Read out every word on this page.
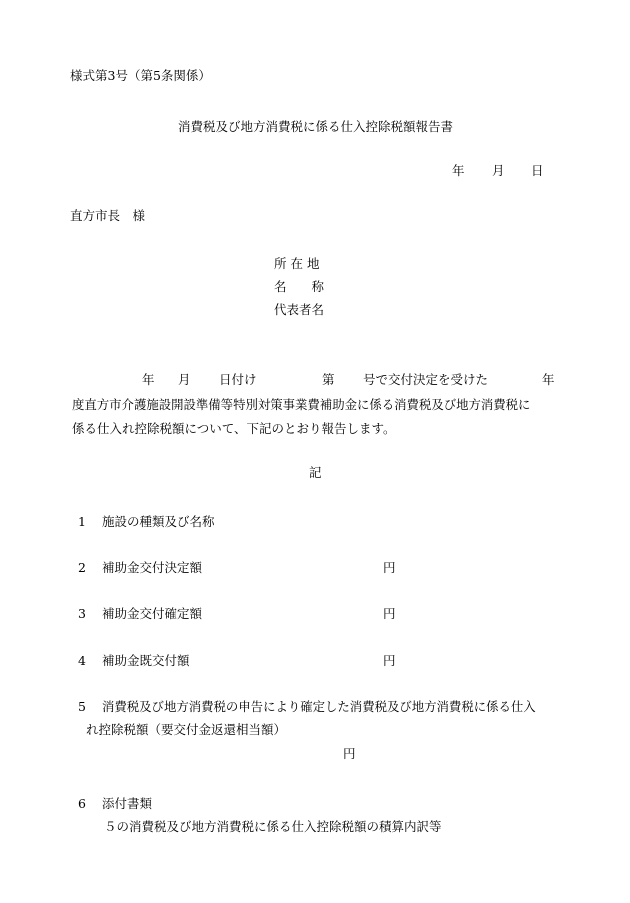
様式第3号（第5条関係）
消費税及び地方消費税に係る仕入控除税額報告書
年 月 日
直方市長　様
所 在 地
名　　称
代表者名
年 月 日付け	第 号で交付決定を受けた	年
度直方市介護施設開設準備等特別対策事業費補助金に係る消費税及び地方消費税に
係る仕入れ控除税額について、下記のとおり報告します。
記
1 施設の種類及び名称
2 補助金交付決定額	円
3 補助金交付確定額	円
4 補助金既交付額	円
5 消費税及び地方消費税の申告により確定した消費税及び地方消費税に係る仕入
れ控除税額（要交付金返還相当額）
円
6 添付書類
５の消費税及び地方消費税に係る仕入控除税額の積算内訳等
